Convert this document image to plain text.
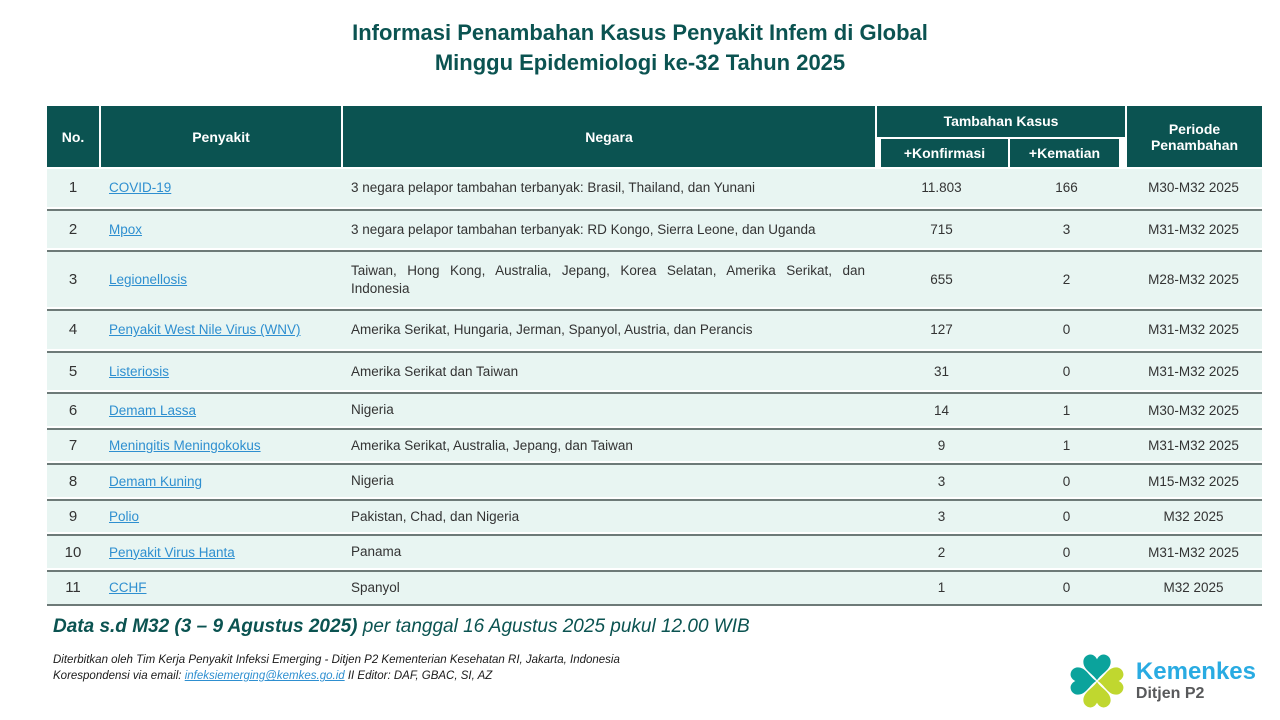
Informasi Penambahan Kasus Penyakit Infem di Global
Minggu Epidemiologi ke-32 Tahun 2025
No.	Penyakit	Negara	Tambahan Kasus		Periode Penambahan
			+Konfirmasi	+Kematian	
1	COVID-19	3 negara pelapor tambahan terbanyak: Brasil, Thailand, dan Yunani	11.803	166	M30-M32 2025
2	Mpox	3 negara pelapor tambahan terbanyak: RD Kongo, Sierra Leone, dan Uganda	715	3	M31-M32 2025
3	Legionellosis	Taiwan, Hong Kong, Australia, Jepang, Korea Selatan, Amerika Serikat, dan Indonesia	655	2	M28-M32 2025
4	Penyakit West Nile Virus (WNV)	Amerika Serikat, Hungaria, Jerman, Spanyol, Austria, dan Perancis	127	0	M31-M32 2025
5	Listeriosis	Amerika Serikat dan Taiwan	31	0	M31-M32 2025
6	Demam Lassa	Nigeria	14	1	M30-M32 2025
7	Meningitis Meningokokus	Amerika Serikat, Australia, Jepang, dan Taiwan	9	1	M31-M32 2025
8	Demam Kuning	Nigeria	3	0	M15-M32 2025
9	Polio	Pakistan, Chad, dan Nigeria	3	0	M32 2025
10	Penyakit Virus Hanta	Panama	2	0	M31-M32 2025
11	CCHF	Spanyol	1	0	M32 2025
Data s.d M32 (3 – 9 Agustus 2025) per tanggal 16 Agustus 2025 pukul 12.00 WIB
Diterbitkan oleh Tim Kerja Penyakit Infeksi Emerging - Ditjen P2 Kementerian Kesehatan RI, Jakarta, Indonesia
Korespondensi via email: infeksiemerging@kemkes.go.id II Editor: DAF, GBAC, SI, AZ	Kemenkes
Ditjen P2
